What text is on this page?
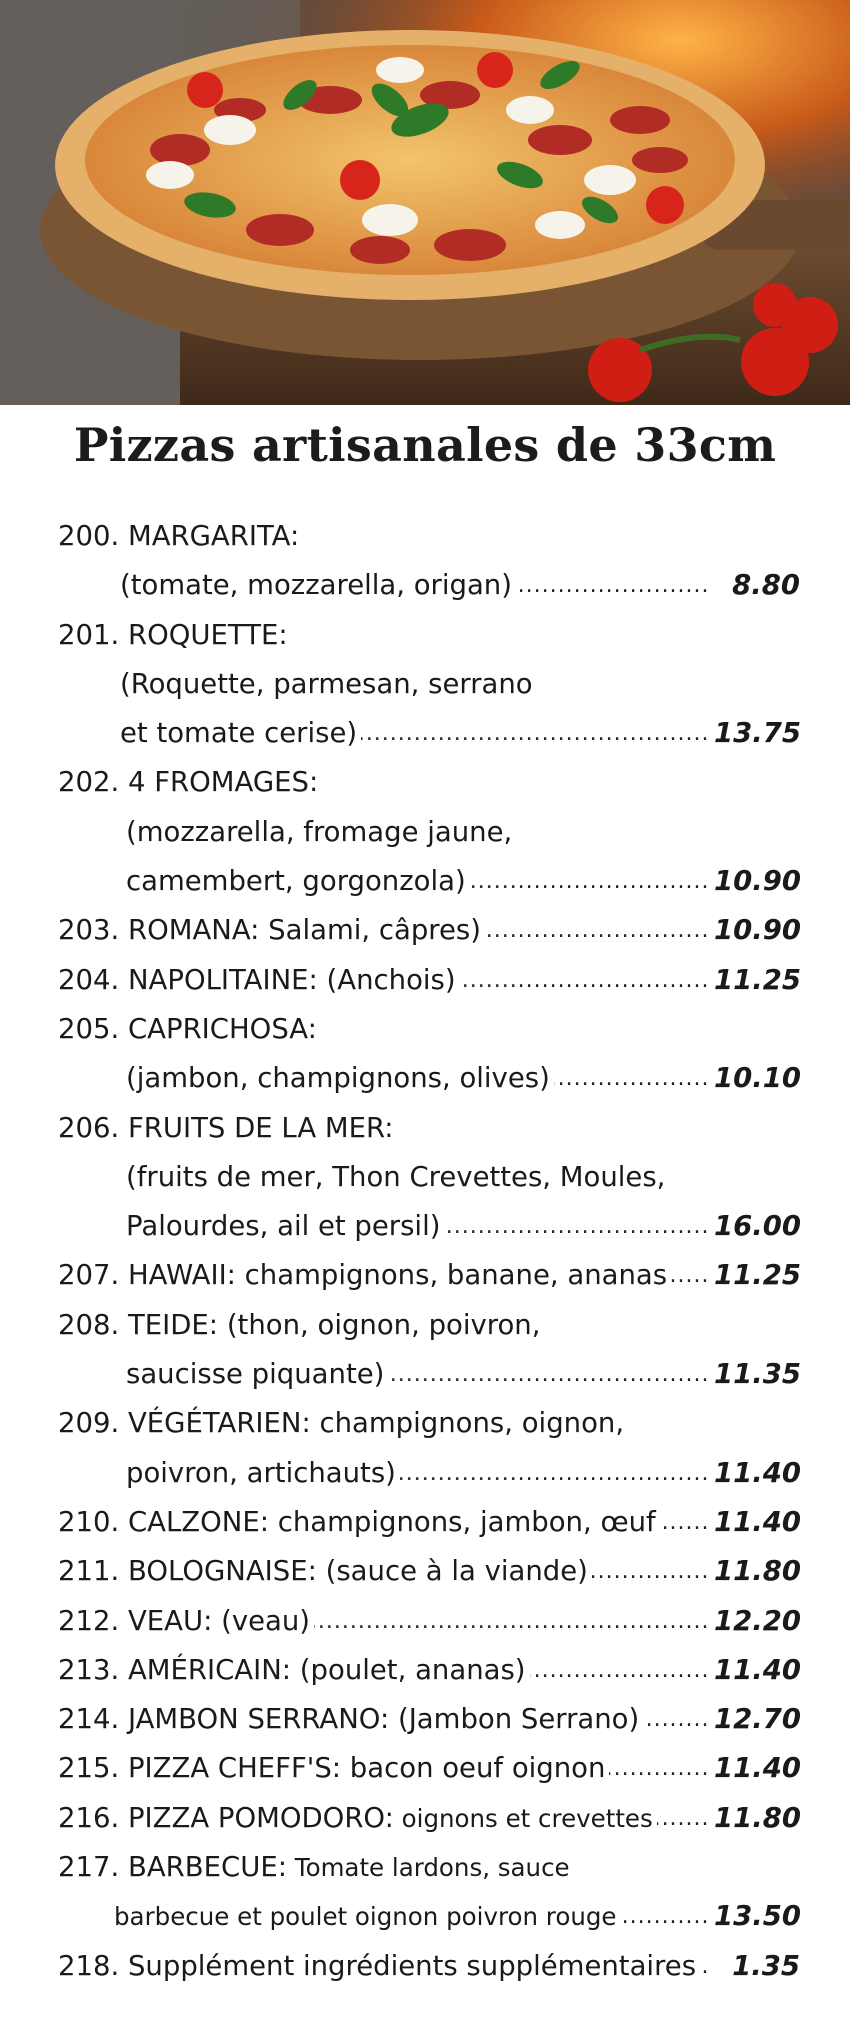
Pizzas artisanales de 33cm
200. MARGARITA:
(tomate, mozzarella, origan) .....	8.80
201. ROQUETTE:
(Roquette, parmesan, serrano
et tomate cerise) .....	13.75
202. 4 FROMAGES:
(mozzarella, fromage jaune,
camembert, gorgonzola) .....	10.90
203. ROMANA: Salami, câpres) .....	10.90
204. NAPOLITAINE: (Anchois) .....	11.25
205. CAPRICHOSA:
(jambon, champignons, olives) .....	10.10
206. FRUITS DE LA MER:
(fruits de mer, Thon Crevettes, Moules,
Palourdes, ail et persil) .....	16.00
207. HAWAII: champignons, banane, ananas ..... 11.25
208. TEIDE: (thon, oignon, poivron,
saucisse piquante) .....	11.35
209. VÉGÉTARIEN: champignons, oignon,
poivron, artichauts) .....	11.40
210. CALZONE: champignons, jambon, œuf ..... 11.40
211. BOLOGNAISE: (sauce à la viande) .....	11.80
212. VEAU: (veau) .....	12.20
213. AMÉRICAIN: (poulet, ananas) .....	11.40
214. JAMBON SERRANO: (Jambon Serrano) .....	12.70
215. PIZZA CHEFF'S: bacon oeuf oignon .....	11.40
216. PIZZA POMODORO: oignons et crevettes ..... 11.80
217. BARBECUE: Tomate lardons, sauce
barbecue et poulet oignon poivron rouge .....	13.50
218. Supplément ingrédients supplémentaires .....	1.35
